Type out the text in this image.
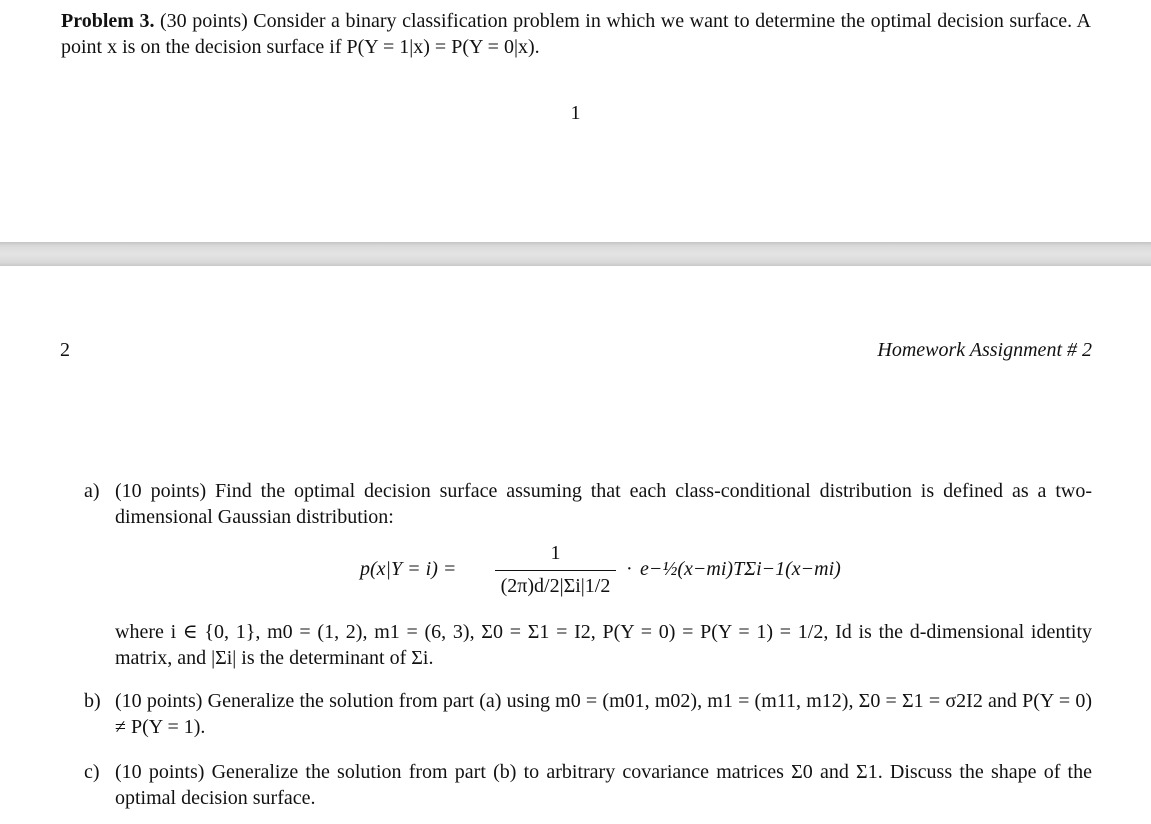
Problem 3. (30 points) Consider a binary classification problem in which we want to determine the optimal decision surface. A point x is on the decision surface if P(Y = 1|x) = P(Y = 0|x).
1
2	Homework Assignment # 2
a) (10 points) Find the optimal decision surface assuming that each class-conditional distribution is defined as a two-dimensional Gaussian distribution:
p(x|Y = i) =
1
(2π)d/2|Σi|1/2
· e−½(x−mi)TΣi−1(x−mi)
where i ∈ {0, 1}, m0 = (1, 2), m1 = (6, 3), Σ0 = Σ1 = I2, P(Y = 0) = P(Y = 1) = 1/2, Id is the d-dimensional identity matrix, and |Σi| is the determinant of Σi.
b) (10 points) Generalize the solution from part (a) using m0 = (m01, m02), m1 = (m11, m12), Σ0 = Σ1 = σ2I2 and P(Y = 0) ≠ P(Y = 1).
c) (10 points) Generalize the solution from part (b) to arbitrary covariance matrices Σ0 and Σ1. Discuss the shape of the optimal decision surface.
